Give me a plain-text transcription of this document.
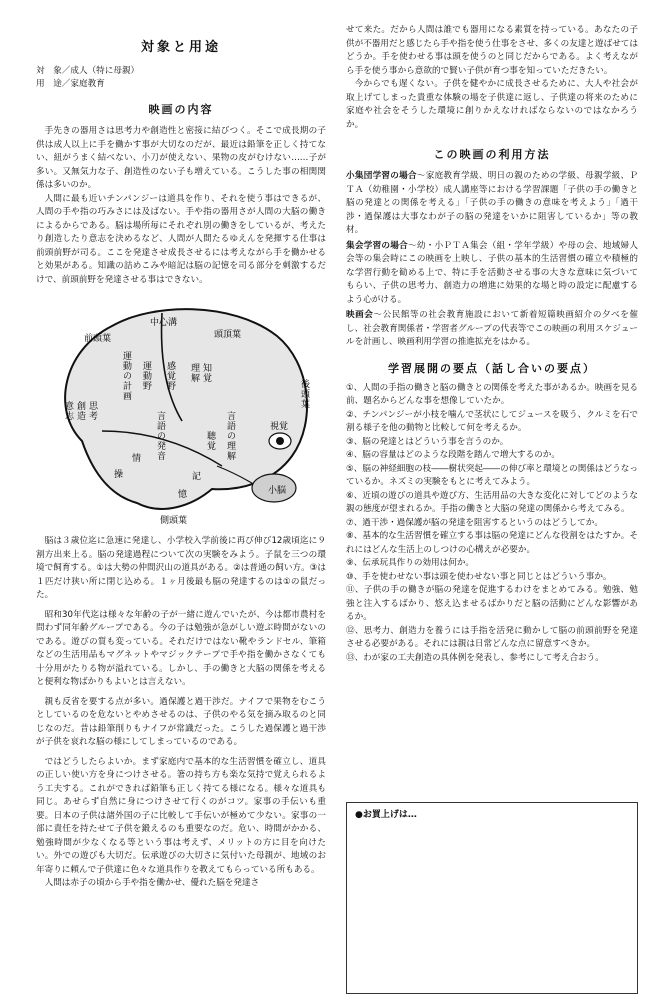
対象と用途
対　象／成人（特に母親）
用　途／家庭教育
映画の内容

手先きの器用さは思考力や創造性と密接に結びつく。そこで成長期の子供は成人以上に手を働かす事が大切なのだが、最近は鉛筆を正しく持てない、紐がうまく結べない、小刀が使えない、果物の皮がむけない……子が多い。又無気力な子、創造性のない子も増えている。こうした事の相関関係は多いのか。

人間に最も近いチンパンジーは道具を作り、それを使う事はできるが、人間の手や指の巧みさには及ばない。手や指の器用さが人間の大脳の働きによるからである。脳は場所毎にそれぞれ別の働きをしているが、考えたり創造したり意志を決めるなど、人間が人間たるゆえんを発揮する仕事は前頭前野が司る。ここを発達させ成長させるには考えながら手を働かせると効果がある。知識の詰めこみや暗記は脳の記憶を司る部分を刺激するだけで、前頭前野を発達させる事はできない。

前頭葉
中心溝
頭頂葉
後頭葉
側頭葉
運動の計画 運動野 感覚野	知覚
理解
思考
創造
意志	言語の発音	言語の理解
聴覚
視覚
情
操	記
憶	小脳

脳は３歳位迄に急速に発達し、小学校入学前後に再び伸び12歳頃迄に９割方出来上る。脳の発達過程について次の実験をみよう。子鼠を三つの環境で飼育する。①は大勢の仲間沢山の道具がある。②は普通の飼い方。③は１匹だけ狭い所に閉じ込める。１ヶ月後最も脳の発達するのは①の鼠だった。

昭和30年代迄は様々な年齢の子が一緒に遊んでいたが、今は都市農村を問わず同年齢グループである。今の子は勉強が急がしい遊ぶ時間がないのである。遊びの質も変っている。それだけではない靴やランドセル、筆箱などの生活用品もマグネットやマジックテープで手や指を働かさなくても十分用がたりる物が溢れている。しかし、手の働きと大脳の関係を考えると便利な物ばかりもよいとは言えない。

親も反省を要する点が多い。過保護と過干渉だ。ナイフで果物をむこうとしているのを危ないとやめさせるのは、子供のやる気を摘み取るのと同じなのだ。昔は鉛筆削りもナイフが常識だった。こうした過保護と過干渉が子供を哀れな脳の様にしてしまっているのである。

ではどうしたらよいか。まず家庭内で基本的な生活習慣を確立し、道具の正しい使い方を身につけさせる。箸の持ち方も楽な気持で覚えられるよう工夫する。これができれば鉛筆も正しく持てる様になる。様々な道具も同じ。あせらず自然に身につけさせて行くのがコツ。家事の手伝いも重要。日本の子供は諸外国の子に比較して手伝いが極めて少ない。家事の一部に責任を持たせて子供を鍛えるのも重要なのだ。危い、時間がかかる、勉強時間が少なくなる等という事は考えず、メリットの方に目を向けたい。外での遊びも大切だ。伝承遊びの大切さに気付いた母親が、地域のお年寄りに頼んで子供達に色々な道具作りを教えてもらっている所もある。

人間は赤子の頃から手や指を働かせ、優れた脳を発達さ

せて来た。だから人間は誰でも器用になる素質を持っている。あなたの子供が不器用だと感じたら手や指を使う仕事をさせ、多くの友達と遊ばせてはどうか。手を使わせる事は頭を使うのと同じだからである。よく考えながら手を使う事から意欲的で賢い子供が育つ事を知っていただきたい。

今からでも遅くない。子供を健やかに成長させるために、大人や社会が取上げてしまった貴重な体験の場を子供達に返し、子供達の将来のために家庭や社会をそうした環境に創りかえなければならないのではなかろうか。

この映画の利用方法

小集団学習の場合～家庭教育学級、明日の親のための学級、母親学級、ＰＴＡ（幼稚園・小学校）成人講座等における学習課題「子供の手の働きと脳の発達との関係を考える」「子供の手の働きの意味を考えよう」「過干渉・過保護は大事なわが子の脳の発達をいかに阻害しているか」等の教材。

集会学習の場合～幼・小ＰＴＡ集会（組・学年学級）や母の会、地域婦人会等の集会時にこの映画を上映し、子供の基本的生活習慣の確立や積極的な学習行動を勧める上で、特に手を活動させる事の大きな意味に気づいてもらい、子供の思考力、創造力の増進に効果的な場と時の設定に配慮するよう心がける。

映画会～公民館等の社会教育施設において新着短篇映画紹介の夕べを催し、社会教育関係者・学習者グループの代表等でこの映画の利用スケジュールを計画し、映画利用学習の推進拡充をはかる。

学習展開の要点（話し合いの要点）

①、人間の手指の働きと脳の働きとの関係を考えた事があるか。映画を見る前、題名からどんな事を想像していたか。

②、チンパンジーが小枝を噛んで茎状にしてジュースを吸う、クルミを石で割る様子を他の動物と比較して何を考えるか。

③、脳の発達とはどういう事を言うのか。

④、脳の容量はどのような段階を踏んで増大するのか。

⑤、脳の神経細胞の枝――樹状突起――の伸び率と環境との関係はどうなっているか。ネズミの実験をもとに考えてみよう。

⑥、近頃の遊びの道具や遊び方、生活用品の大きな変化に対してどのような親の態度が望まれるか。手指の働きと大脳の発達の関係から考えてみる。

⑦、過干渉・過保護が脳の発達を阻害するというのはどうしてか。

⑧、基本的な生活習慣を確立する事は脳の発達にどんな役割をはたすか。それにはどんな生活上のしつけの心構えが必要か。

⑨、伝承玩具作りの効用は何か。

⑩、手を使わせない事は頭を使わせない事と同じとはどういう事か。

⑪、子供の手の働きが脳の発達を促進するわけをまとめてみる。勉強、勉強と注入するばかり、悠え込ませるばかりだと脳の活動にどんな影響があるか。

⑫、思考力、創造力を養うには手指を活発に動かして脳の前頭前野を発達させる必要がある。それには親は日常どんな点に留意すべきか。

⑬、わが家の工夫創造の具体例を発表し、参考にして考え合おう。

●お買上げは…
